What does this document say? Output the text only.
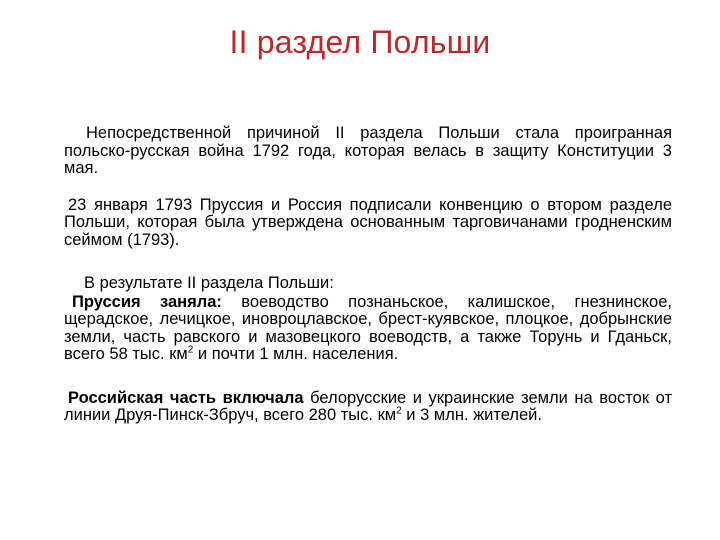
II раздел Польши

Непосредственной причиной II раздела Польши стала проигранная польско-русская война 1792 года, которая велась в защиту Конституции 3 мая.

23 января 1793 Пруссия и Россия подписали конвенцию о втором разделе Польши, которая была утверждена основанным тарговичанами гродненским сеймом (1793).

В результате II раздела Польши:

Пруссия заняла: воеводство познаньское, калишское, гнезнинское, щерадское, лечицкое, иновроцлавское, брест-куявское, плоцкое, добрынские земли, часть равского и мазовецкого воеводств, а также Торунь и Гданьск, всего 58 тыс. $км^2$ и почти 1 млн. населения.

Российская часть включала белорусские и украинские земли на восток от линии Друя-Пинск-Збруч, всего 280 тыс. $км^2$ и 3 млн. жителей.
